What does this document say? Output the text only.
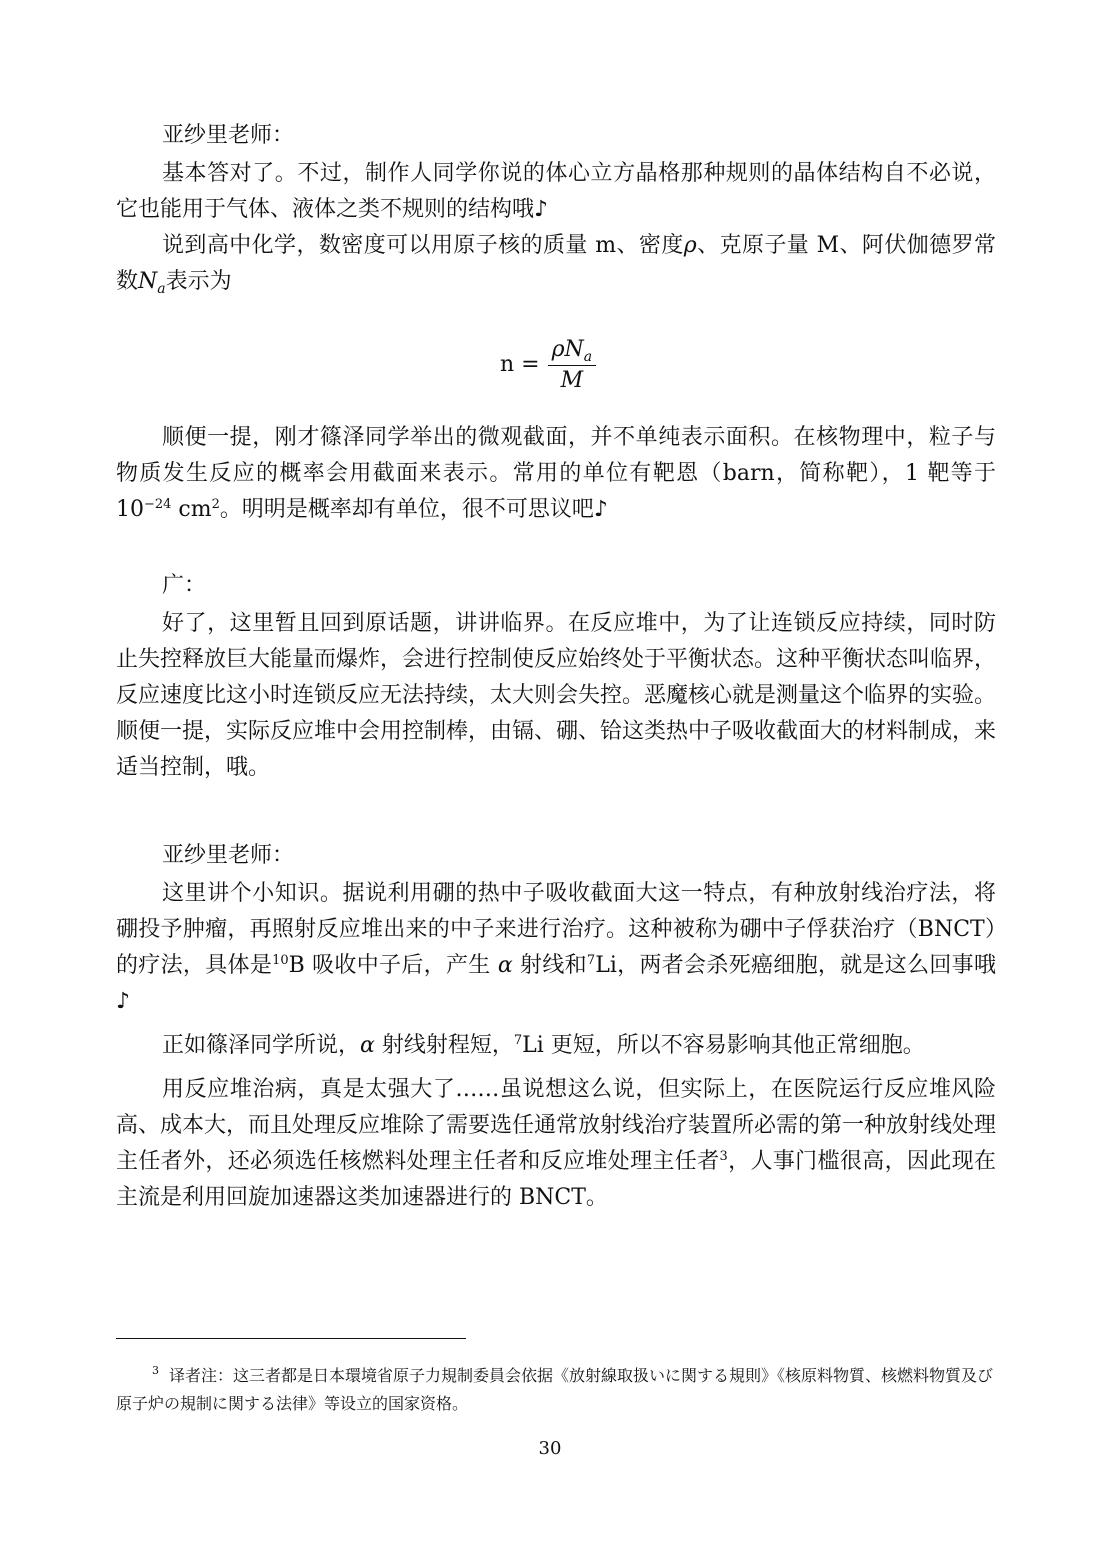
亚纱里老师：

基本答对了。不过，制作人同学你说的体心立方晶格那种规则的晶体结构自不必说，它也能用于气体、液体之类不规则的结构哦♪

说到高中化学，数密度可以用原子核的质量 m、密度ρ、克原子量 M、阿伏伽德罗常数$N_a$表示为

$n = \frac{\rho N_a}{M}$

顺便一提，刚才篠泽同学举出的微观截面，并不单纯表示面积。在核物理中，粒子与物质发生反应的概率会用截面来表示。常用的单位有靶恩（barn，简称靶），1 靶等于 $10^{-24}$ $cm^2$。明明是概率却有单位，很不可思议吧♪

广：

好了，这里暂且回到原话题，讲讲临界。在反应堆中，为了让连锁反应持续，同时防止失控释放巨大能量而爆炸，会进行控制使反应始终处于平衡状态。这种平衡状态叫临界，反应速度比这小时连锁反应无法持续，太大则会失控。恶魔核心就是测量这个临界的实验。顺便一提，实际反应堆中会用控制棒，由镉、硼、铪这类热中子吸收截面大的材料制成，来适当控制，哦。

亚纱里老师：

这里讲个小知识。据说利用硼的热中子吸收截面大这一特点，有种放射线治疗法，将硼投予肿瘤，再照射反应堆出来的中子来进行治疗。这种被称为硼中子俘获治疗（BNCT）的疗法，具体是$^{10}$B 吸收中子后，产生 α 射线和$^7$Li，两者会杀死癌细胞，就是这么回事哦♪

正如篠泽同学所说，α 射线射程短，$^7$Li 更短，所以不容易影响其他正常细胞。

用反应堆治病，真是太强大了……虽说想这么说，但实际上，在医院运行反应堆风险高、成本大，而且处理反应堆除了需要选任通常放射线治疗装置所必需的第一种放射线处理主任者外，还必须选任核燃料处理主任者和反应堆处理主任者$^3$，人事门槛很高，因此现在主流是利用回旋加速器这类加速器进行的 BNCT。

$^3$ 译者注：这三者都是日本環境省原子力規制委員会依据《放射線取扱いに関する規則》《核原料物質、核燃料物質及び原子炉の規制に関する法律》等设立的国家资格。
30
